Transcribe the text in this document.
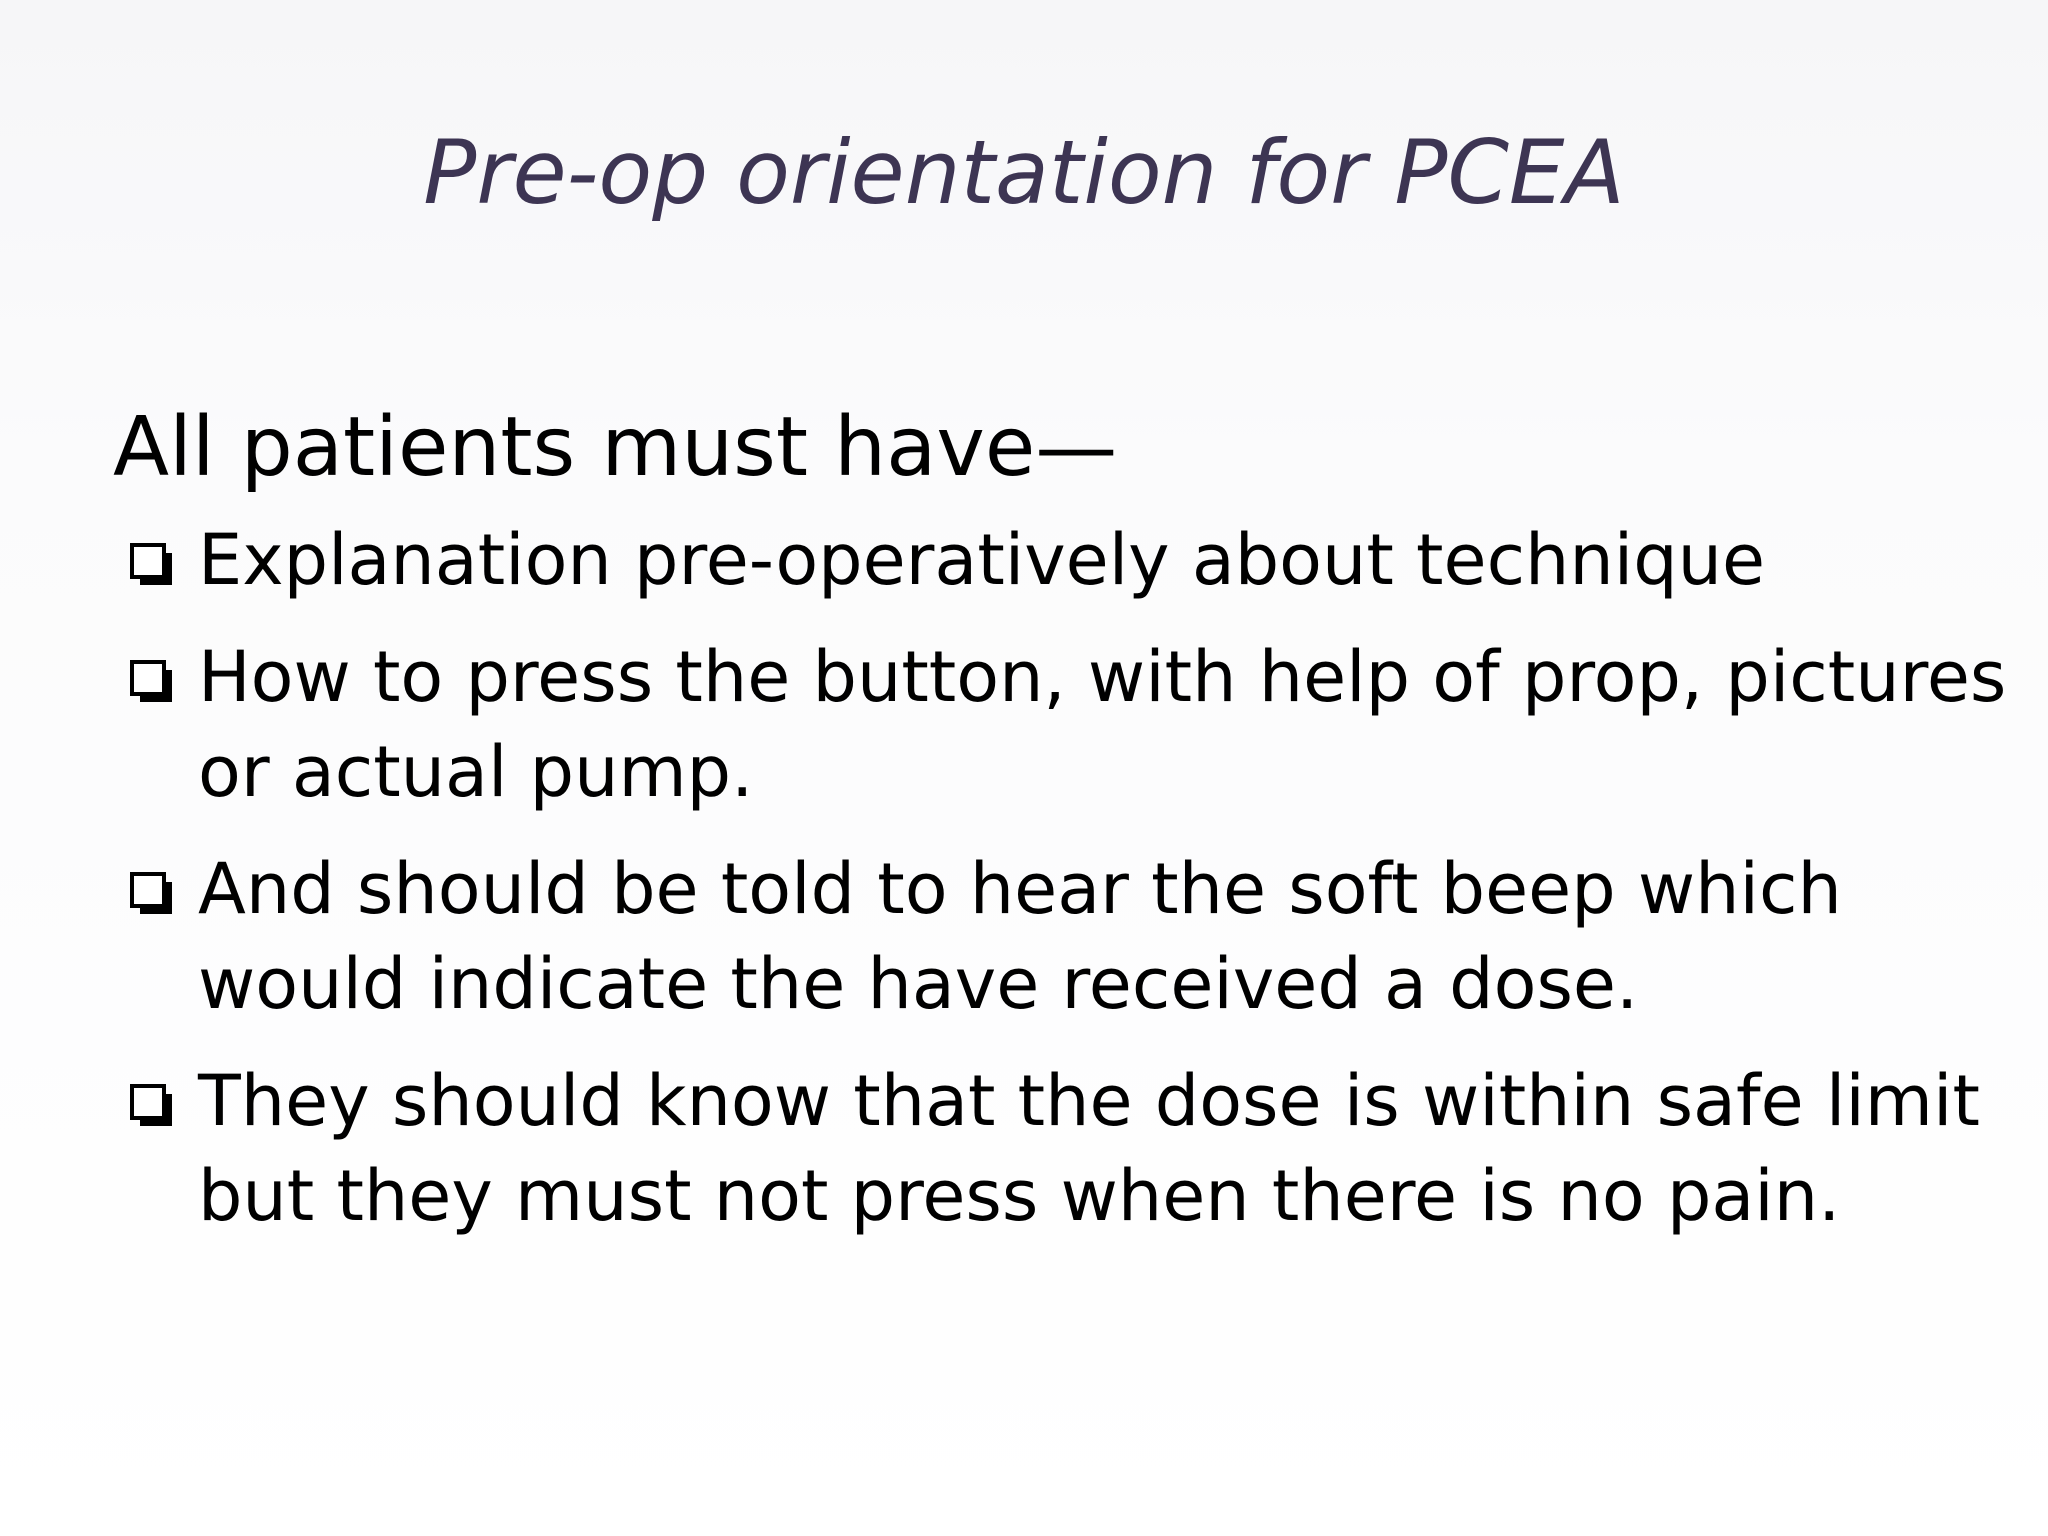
Pre-op orientation for PCEA
All patients must have—
Explanation pre-operatively about technique
How to press the button, with help of prop, pictures or actual pump.
And should be told to hear the soft beep which would indicate the have received a dose.
They should know that the dose is within safe limit but they must not press when there is no pain.
